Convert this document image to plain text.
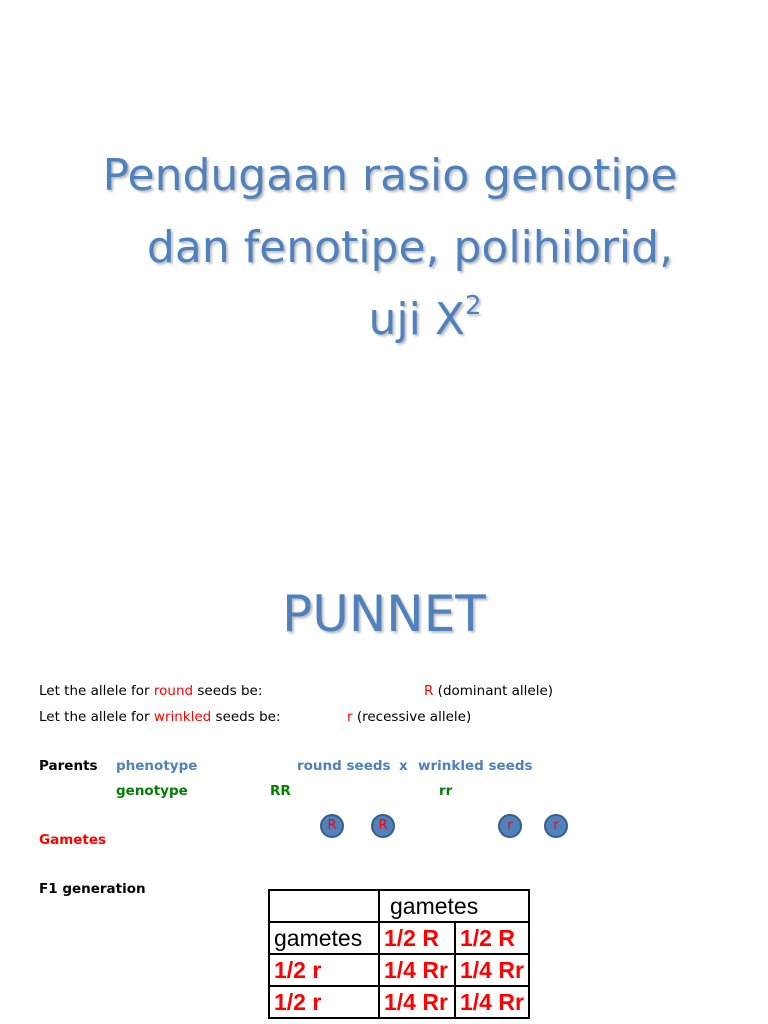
Pendugaan rasio genotipe
dan fenotipe, polihibrid,
uji $X^2$
PUNNET
Let the allele for round seeds be:	R (dominant allele)
Let the allele for wrinkled seeds be:	r (recessive allele)
Parents phenotype	round seeds x wrinkled seeds
genotype	RR	rr
Gametes
R	R	r	r
F1 generation
	gametes	
gametes	1/2 R	1/2 R
1/2 r	1/4 Rr	1/4 Rr
1/2 r	1/4 Rr	1/4 Rr
